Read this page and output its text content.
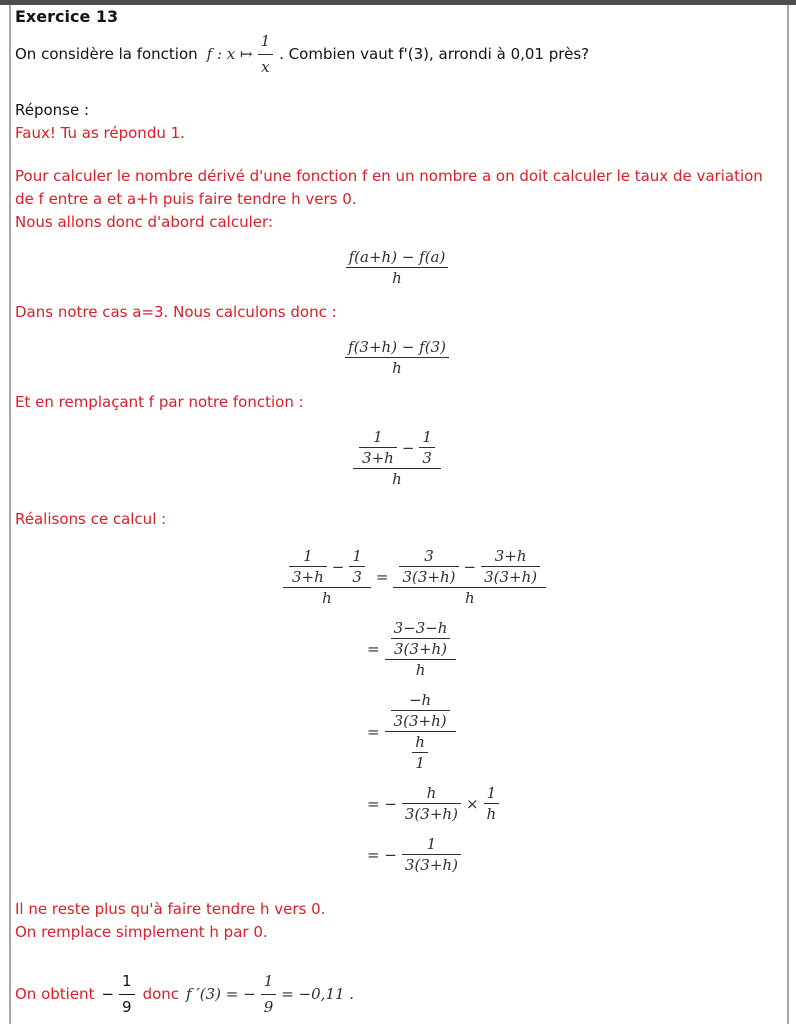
Exercice 13
On considère la fonction f : x ↦ $\frac{1}{x}$ . Combien vaut f'(3), arrondi à 0,01 près?
Réponse :
Faux! Tu as répondu 1.
Pour calculer le nombre dérivé d'une fonction f en un nombre a on doit calculer le taux de variation de f entre a et a+h puis faire tendre h vers 0.
Nous allons donc d'abord calculer:
$\frac{f(a+h) - f(a)}{h}$
Dans notre cas a=3. Nous calculons donc :
$\frac{f(3+h) - f(3)}{h}$
Et en remplaçant f par notre fonction :
$\frac{\frac{1}{3+h} - \frac{1}{3}}{h}$
Réalisons ce calcul :
$\frac{\frac{1}{3+h} - \frac{1}{3}}{h} = \frac{\frac{3}{3(3+h)} - \frac{3+h}{3(3+h)}}{h}$
= $\frac{\frac{3-3-h}{3(3+h)}}{h}$
= $\frac{\frac{-h}{3(3+h)}}{\frac{h}{1}}$
= − $\frac{h}{3(3+h)} \times \frac{1}{h}$
= − $\frac{1}{3(3+h)}$
Il ne reste plus qu'à faire tendre h vers 0.
On remplace simplement h par 0.
On obtient − $\frac{1}{9}$ donc f ′(3) = − $\frac{1}{9} = -0,11$ .
